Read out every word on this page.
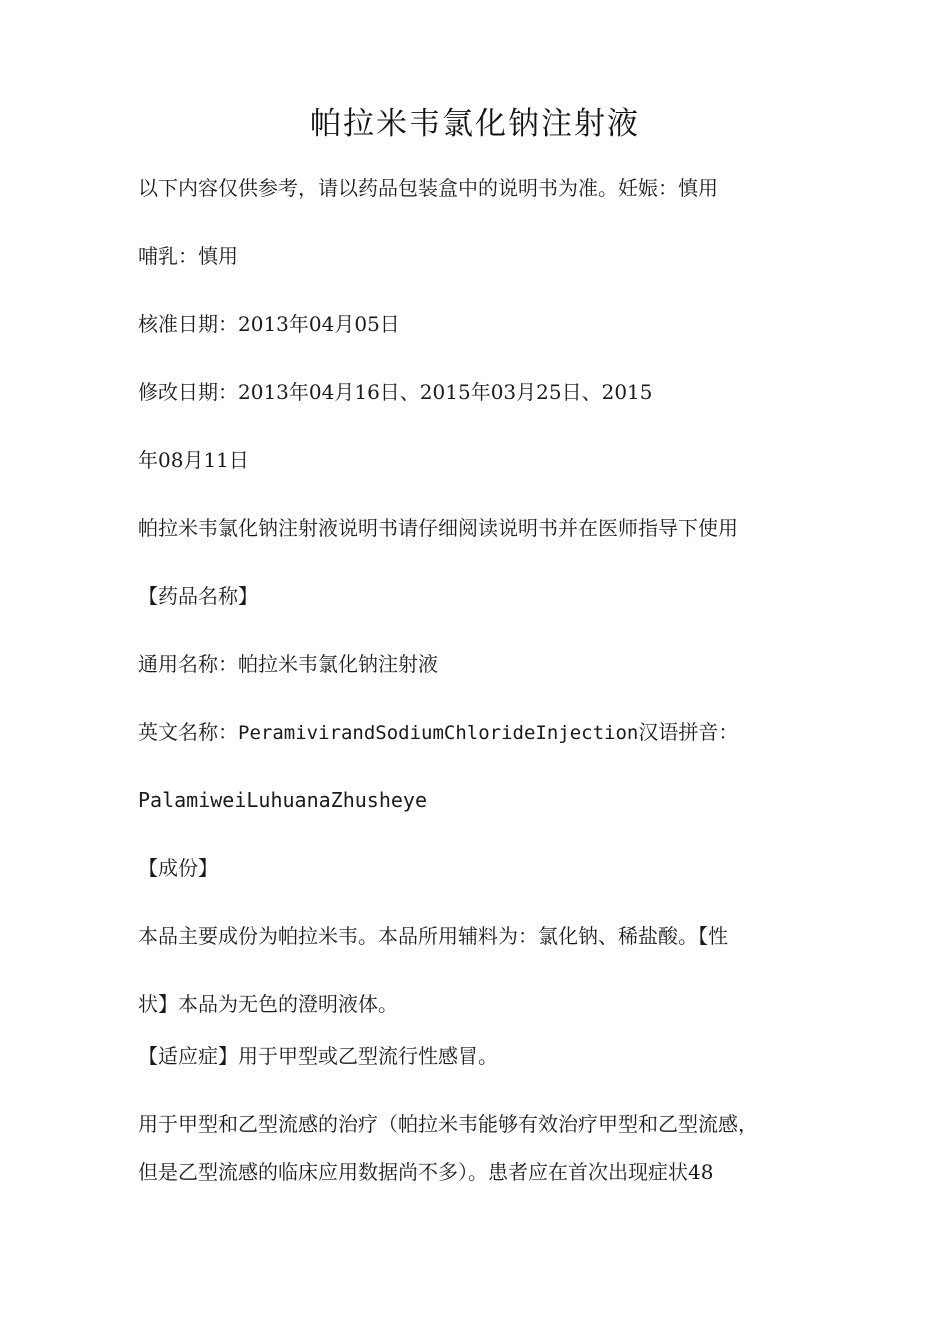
帕拉米韦氯化钠注射液
以下内容仅供参考，请以药品包装盒中的说明书为准。妊娠：慎用
哺乳：慎用
核准日期：2013年04月05日
修改日期：2013年04月16日、2015年03月25日、2015
年08月11日
帕拉米韦氯化钠注射液说明书请仔细阅读说明书并在医师指导下使用
【药品名称】
通用名称：帕拉米韦氯化钠注射液
英文名称：PeramivirandSodiumChlorideInjection汉语拼音：
PalamiweiLuhuanaZhusheye
【成份】
本品主要成份为帕拉米韦。本品所用辅料为：氯化钠、稀盐酸。【性
状】本品为无色的澄明液体。
【适应症】用于甲型或乙型流行性感冒。
用于甲型和乙型流感的治疗（帕拉米韦能够有效治疗甲型和乙型流感，
但是乙型流感的临床应用数据尚不多）。患者应在首次出现症状48
